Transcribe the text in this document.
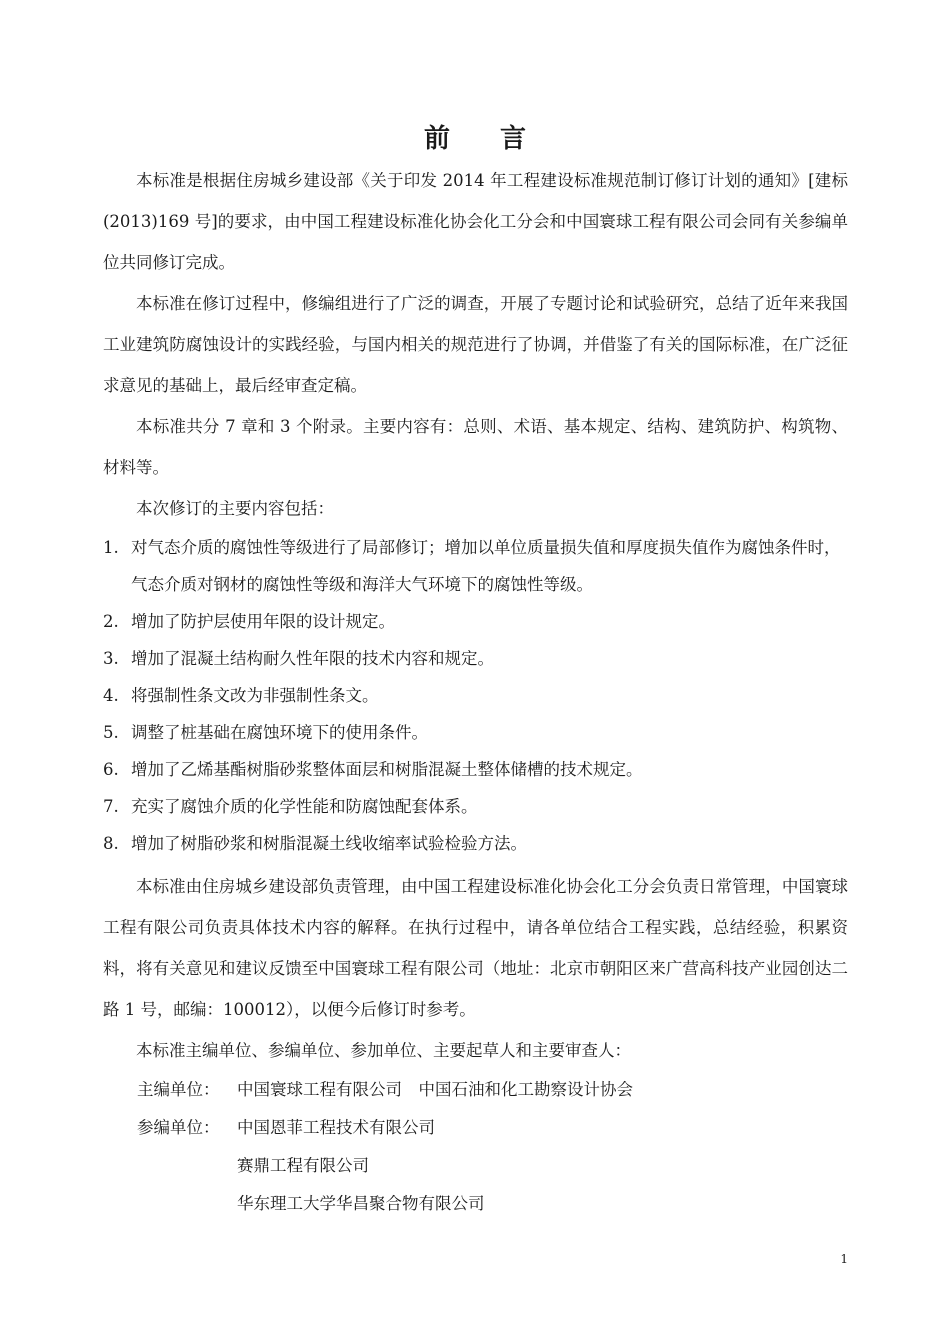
前 言

本标准是根据住房城乡建设部《关于印发 2014 年工程建设标准规范制订修订计划的通知》[建标(2013)169 号]的要求，由中国工程建设标准化协会化工分会和中国寰球工程有限公司会同有关参编单位共同修订完成。

本标准在修订过程中，修编组进行了广泛的调查，开展了专题讨论和试验研究，总结了近年来我国工业建筑防腐蚀设计的实践经验，与国内相关的规范进行了协调，并借鉴了有关的国际标准，在广泛征求意见的基础上，最后经审查定稿。

本标准共分 7 章和 3 个附录。主要内容有：总则、术语、基本规定、结构、建筑防护、构筑物、材料等。

本次修订的主要内容包括：

1. 对气态介质的腐蚀性等级进行了局部修订；增加以单位质量损失值和厚度损失值作为腐蚀条件时，气态介质对钢材的腐蚀性等级和海洋大气环境下的腐蚀性等级。
2. 增加了防护层使用年限的设计规定。
3. 增加了混凝土结构耐久性年限的技术内容和规定。
4. 将强制性条文改为非强制性条文。
5. 调整了桩基础在腐蚀环境下的使用条件。
6. 增加了乙烯基酯树脂砂浆整体面层和树脂混凝土整体储槽的技术规定。
7. 充实了腐蚀介质的化学性能和防腐蚀配套体系。
8. 增加了树脂砂浆和树脂混凝土线收缩率试验检验方法。

本标准由住房城乡建设部负责管理，由中国工程建设标准化协会化工分会负责日常管理，中国寰球工程有限公司负责具体技术内容的解释。在执行过程中，请各单位结合工程实践，总结经验，积累资料，将有关意见和建议反馈至中国寰球工程有限公司（地址：北京市朝阳区来广营高科技产业园创达二路 1 号，邮编：100012），以便今后修订时参考。

本标准主编单位、参编单位、参加单位、主要起草人和主要审查人：

主编单位：	中国寰球工程有限公司　中国石油和化工勘察设计协会
参编单位：	中国恩菲工程技术有限公司
赛鼎工程有限公司
华东理工大学华昌聚合物有限公司
1
